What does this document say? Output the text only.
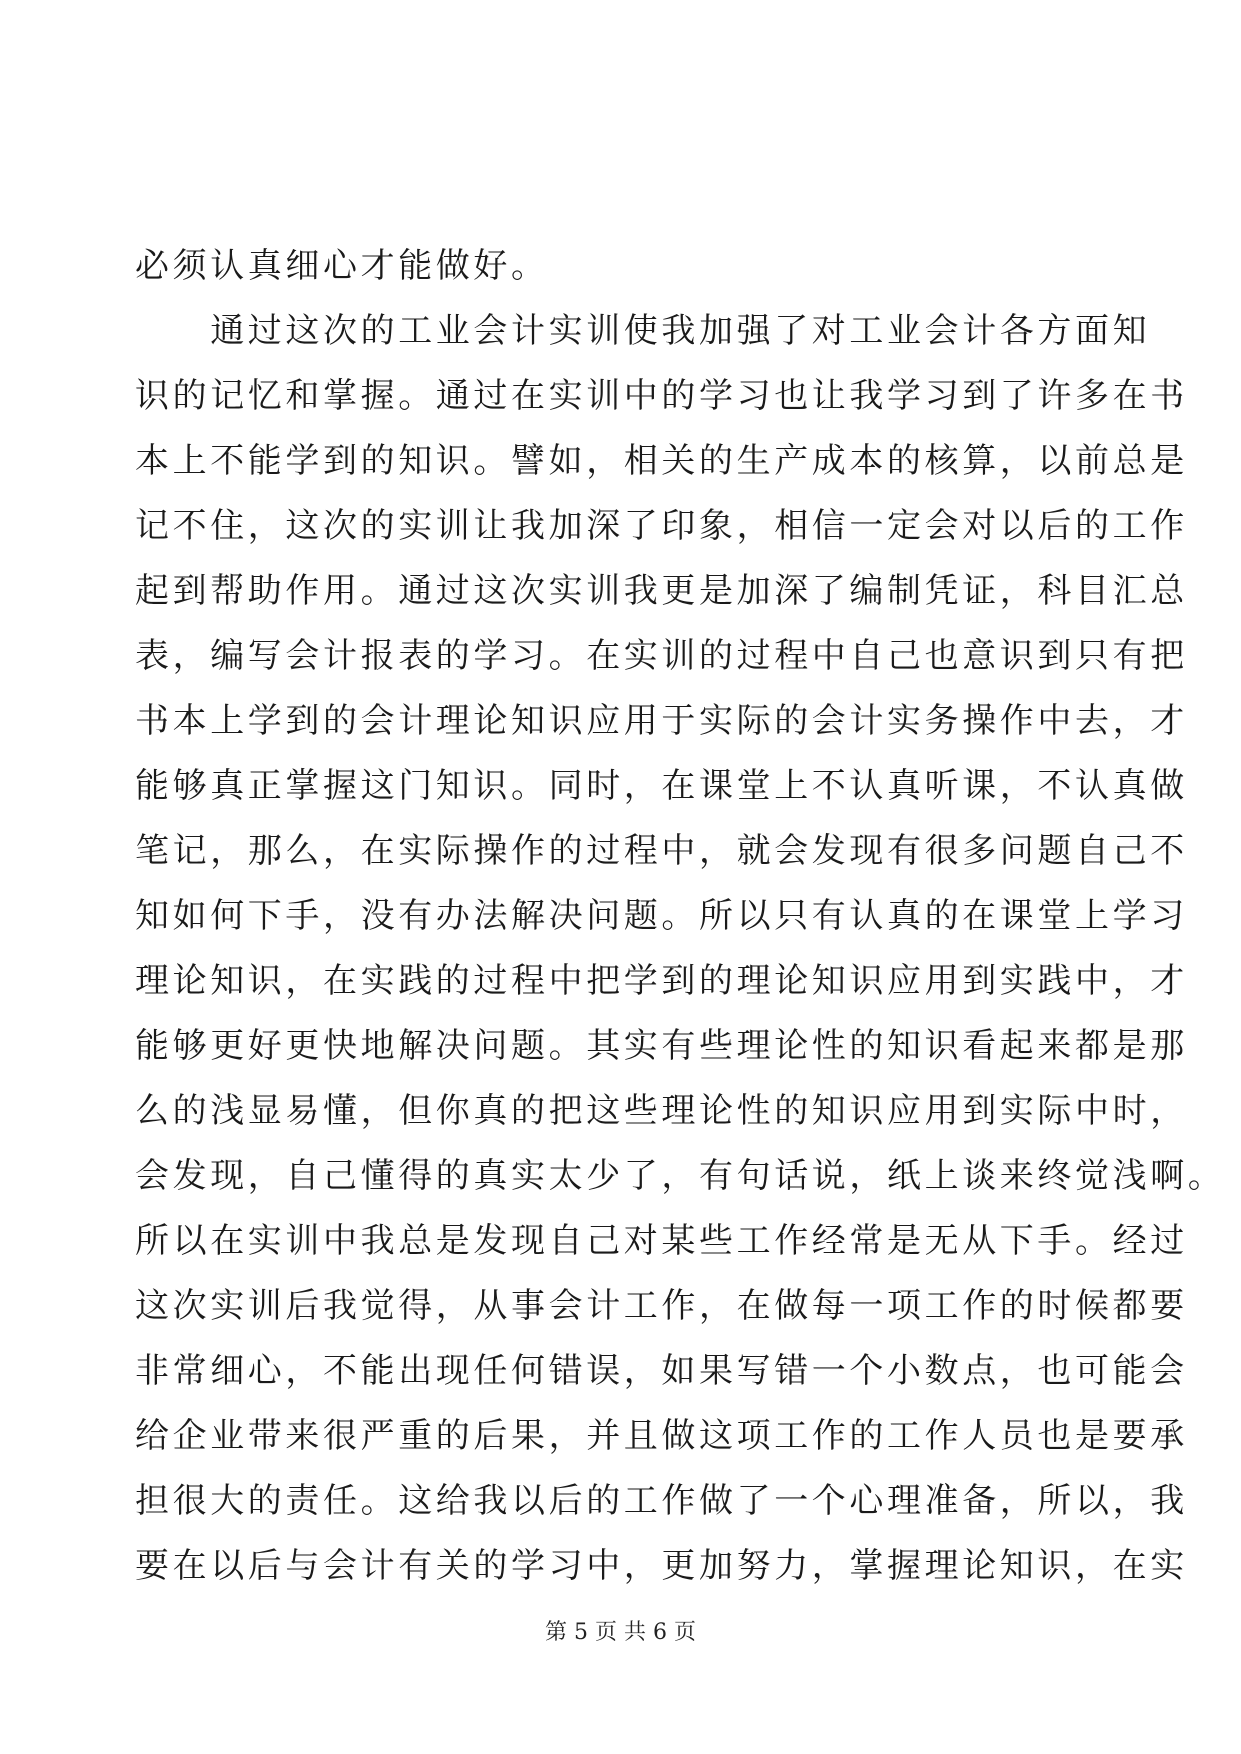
必须认真细心才能做好。
　　通过这次的工业会计实训使我加强了对工业会计各方面知
识的记忆和掌握。通过在实训中的学习也让我学习到了许多在书
本上不能学到的知识。譬如，相关的生产成本的核算，以前总是
记不住，这次的实训让我加深了印象，相信一定会对以后的工作
起到帮助作用。通过这次实训我更是加深了编制凭证，科目汇总
表，编写会计报表的学习。在实训的过程中自己也意识到只有把
书本上学到的会计理论知识应用于实际的会计实务操作中去，才
能够真正掌握这门知识。同时，在课堂上不认真听课，不认真做
笔记，那么，在实际操作的过程中，就会发现有很多问题自己不
知如何下手，没有办法解决问题。所以只有认真的在课堂上学习
理论知识，在实践的过程中把学到的理论知识应用到实践中，才
能够更好更快地解决问题。其实有些理论性的知识看起来都是那
么的浅显易懂，但你真的把这些理论性的知识应用到实际中时，
会发现，自己懂得的真实太少了，有句话说，纸上谈来终觉浅啊。
所以在实训中我总是发现自己对某些工作经常是无从下手。经过
这次实训后我觉得，从事会计工作，在做每一项工作的时候都要
非常细心，不能出现任何错误，如果写错一个小数点，也可能会
给企业带来很严重的后果，并且做这项工作的工作人员也是要承
担很大的责任。这给我以后的工作做了一个心理准备，所以，我
要在以后与会计有关的学习中，更加努力，掌握理论知识，在实
第 5 页 共 6 页
